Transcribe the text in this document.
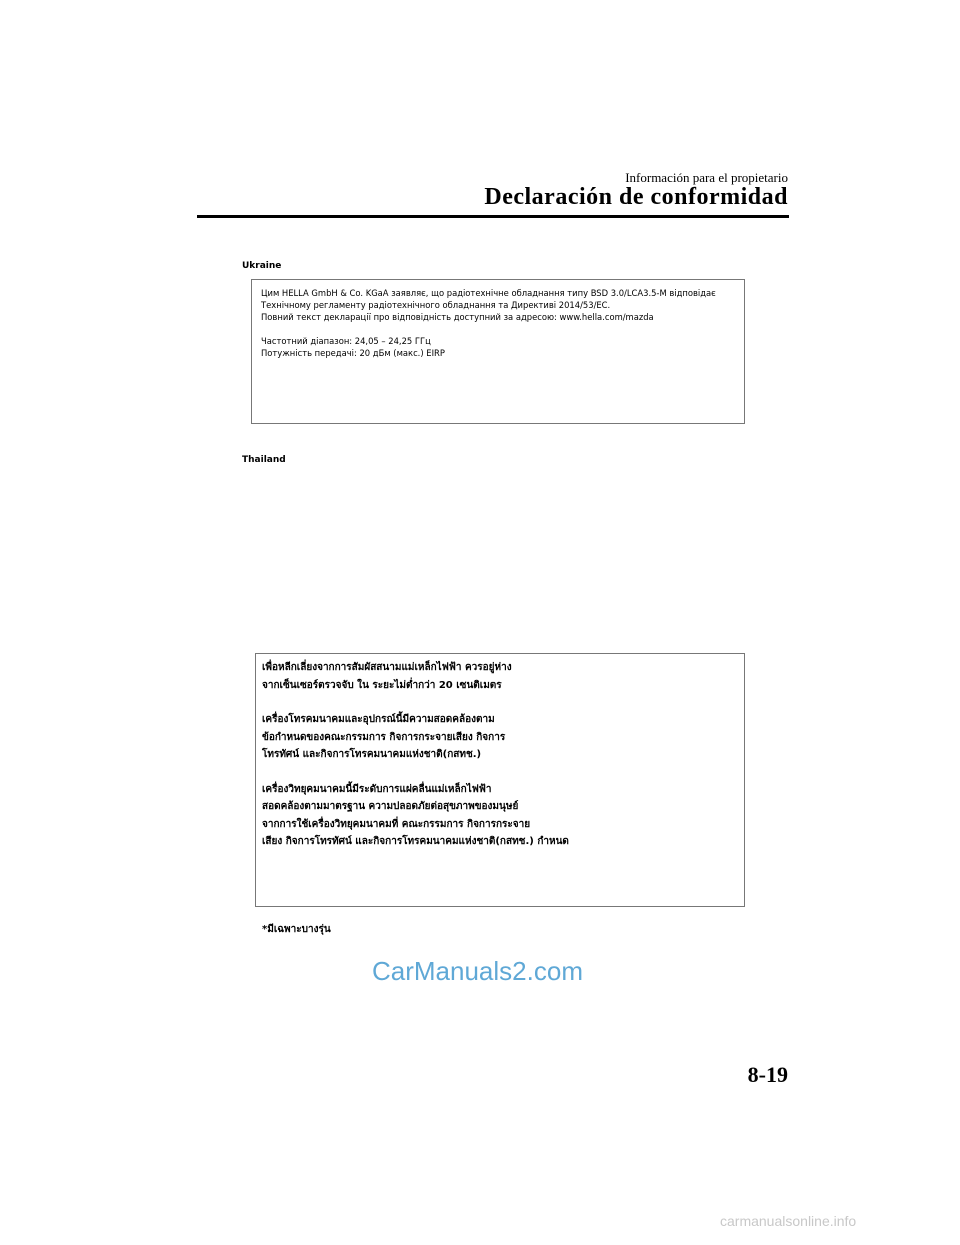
Información para el propietario
Declaración de conformidad
Ukraine

Цим HELLA GmbH & Co. KGaA заявляє, що радіотехнічне обладнання типу BSD 3.0/LCA3.5-M відповідає

Технічному регламенту радіотехнічного обладнання та Директиві 2014/53/EC.

Повний текст декларації про відповідність доступний за адресою: www.hella.com/mazda

Частотний діапазон: 24,05 – 24,25 ГГц

Потужність передачі: 20 дБм (макс.) EIRP

Thailand

เพื่อหลีกเลี่ยงจากการสัมผัสสนามแม่เหล็กไฟฟ้า ควรอยู่ห่าง

จากเซ็นเซอร์ตรวจจับ ใน ระยะไม่ต่ำกว่า 20 เซนติเมตร

เครื่องโทรคมนาคมและอุปกรณ์นี้มีความสอดคล้องตาม

ข้อกำหนดของคณะกรรมการ กิจการกระจายเสียง กิจการ

โทรทัศน์ และกิจการโทรคมนาคมแห่งชาติ(กสทช.)

เครื่องวิทยุคมนาคมนี้มีระดับการแผ่คลื่นแม่เหล็กไฟฟ้า

สอดคล้องตามมาตรฐาน ความปลอดภัยต่อสุขภาพของมนุษย์

จากการใช้เครื่องวิทยุคมนาคมที่ คณะกรรมการ กิจการกระจาย

เสียง กิจการโทรทัศน์ และกิจการโทรคมนาคมแห่งชาติ(กสทช.) กำหนด

*มีเฉพาะบางรุ่น
CarManuals2.com
8-19
carmanualsonline.info
